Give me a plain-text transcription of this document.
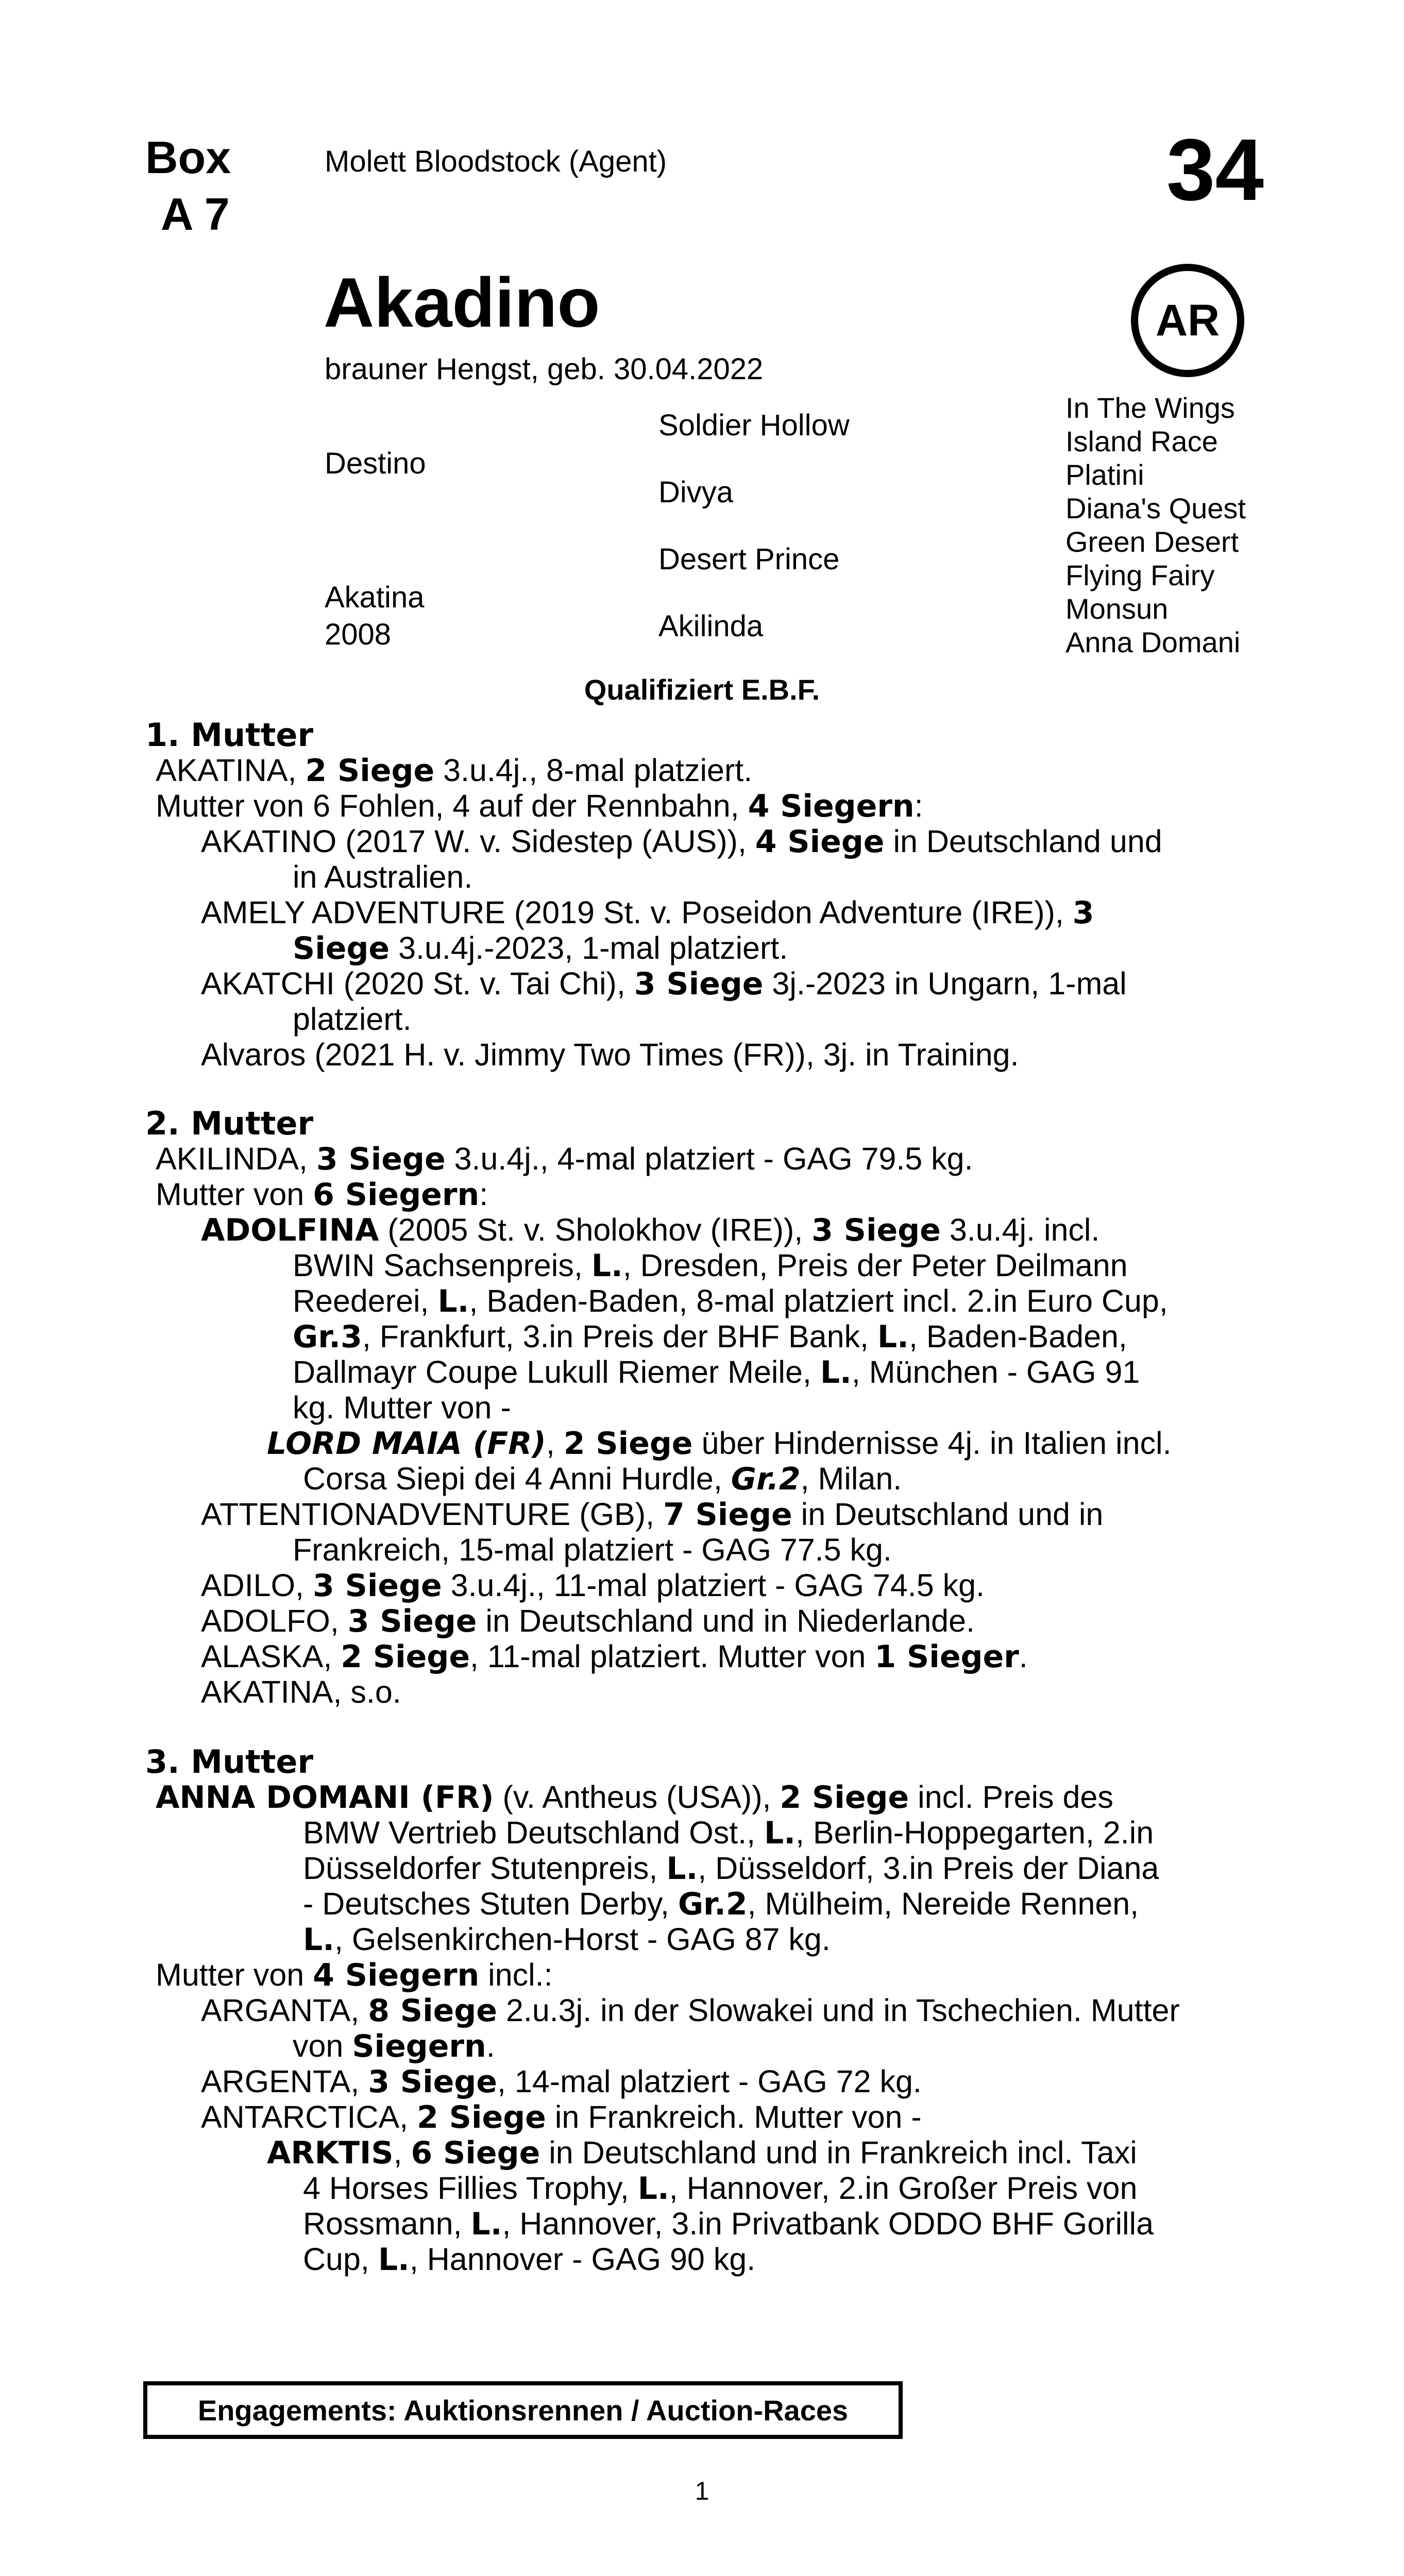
Box
A 7
Molett Bloodstock (Agent)	34
AR
Akadino
brauner Hengst, geb. 30.04.2022
Destino
Akatina
2008
Soldier Hollow
Divya
Desert Prince
Akilinda
In The Wings
Island Race
Platini
Diana's Quest
Green Desert
Flying Fairy
Monsun
Anna Domani
Qualifiziert E.B.F.
1. Mutter
AKATINA, 2 Siege 3.u.4j., 8-mal platziert.
Mutter von 6 Fohlen, 4 auf der Rennbahn, 4 Siegern:
AKATINO (2017 W. v. Sidestep (AUS)), 4 Siege in Deutschland und
in Australien.
AMELY ADVENTURE (2019 St. v. Poseidon Adventure (IRE)), 3
Siege 3.u.4j.-2023, 1-mal platziert.
AKATCHI (2020 St. v. Tai Chi), 3 Siege 3j.-2023 in Ungarn, 1-mal
platziert.
Alvaros (2021 H. v. Jimmy Two Times (FR)), 3j. in Training.
2. Mutter
AKILINDA, 3 Siege 3.u.4j., 4-mal platziert - GAG 79.5 kg.
Mutter von 6 Siegern:
ADOLFINA (2005 St. v. Sholokhov (IRE)), 3 Siege 3.u.4j. incl.
BWIN Sachsenpreis, L., Dresden, Preis der Peter Deilmann
Reederei, L., Baden-Baden, 8-mal platziert incl. 2.in Euro Cup,
Gr.3, Frankfurt, 3.in Preis der BHF Bank, L., Baden-Baden,
Dallmayr Coupe Lukull Riemer Meile, L., München - GAG 91
kg. Mutter von -
LORD MAIA (FR), 2 Siege über Hindernisse 4j. in Italien incl.
Corsa Siepi dei 4 Anni Hurdle, Gr.2, Milan.
ATTENTIONADVENTURE (GB), 7 Siege in Deutschland und in
Frankreich, 15-mal platziert - GAG 77.5 kg.
ADILO, 3 Siege 3.u.4j., 11-mal platziert - GAG 74.5 kg.
ADOLFO, 3 Siege in Deutschland und in Niederlande.
ALASKA, 2 Siege, 11-mal platziert. Mutter von 1 Sieger.
AKATINA, s.o.
3. Mutter
ANNA DOMANI (FR) (v. Antheus (USA)), 2 Siege incl. Preis des
BMW Vertrieb Deutschland Ost., L., Berlin-Hoppegarten, 2.in
Düsseldorfer Stutenpreis, L., Düsseldorf, 3.in Preis der Diana
- Deutsches Stuten Derby, Gr.2, Mülheim, Nereide Rennen,
L., Gelsenkirchen-Horst - GAG 87 kg.
Mutter von 4 Siegern incl.:
ARGANTA, 8 Siege 2.u.3j. in der Slowakei und in Tschechien. Mutter
von Siegern.
ARGENTA, 3 Siege, 14-mal platziert - GAG 72 kg.
ANTARCTICA, 2 Siege in Frankreich. Mutter von -
ARKTIS, 6 Siege in Deutschland und in Frankreich incl. Taxi
4 Horses Fillies Trophy, L., Hannover, 2.in Großer Preis von
Rossmann, L., Hannover, 3.in Privatbank ODDO BHF Gorilla
Cup, L., Hannover - GAG 90 kg.
Engagements: Auktionsrennen / Auction-Races
1
